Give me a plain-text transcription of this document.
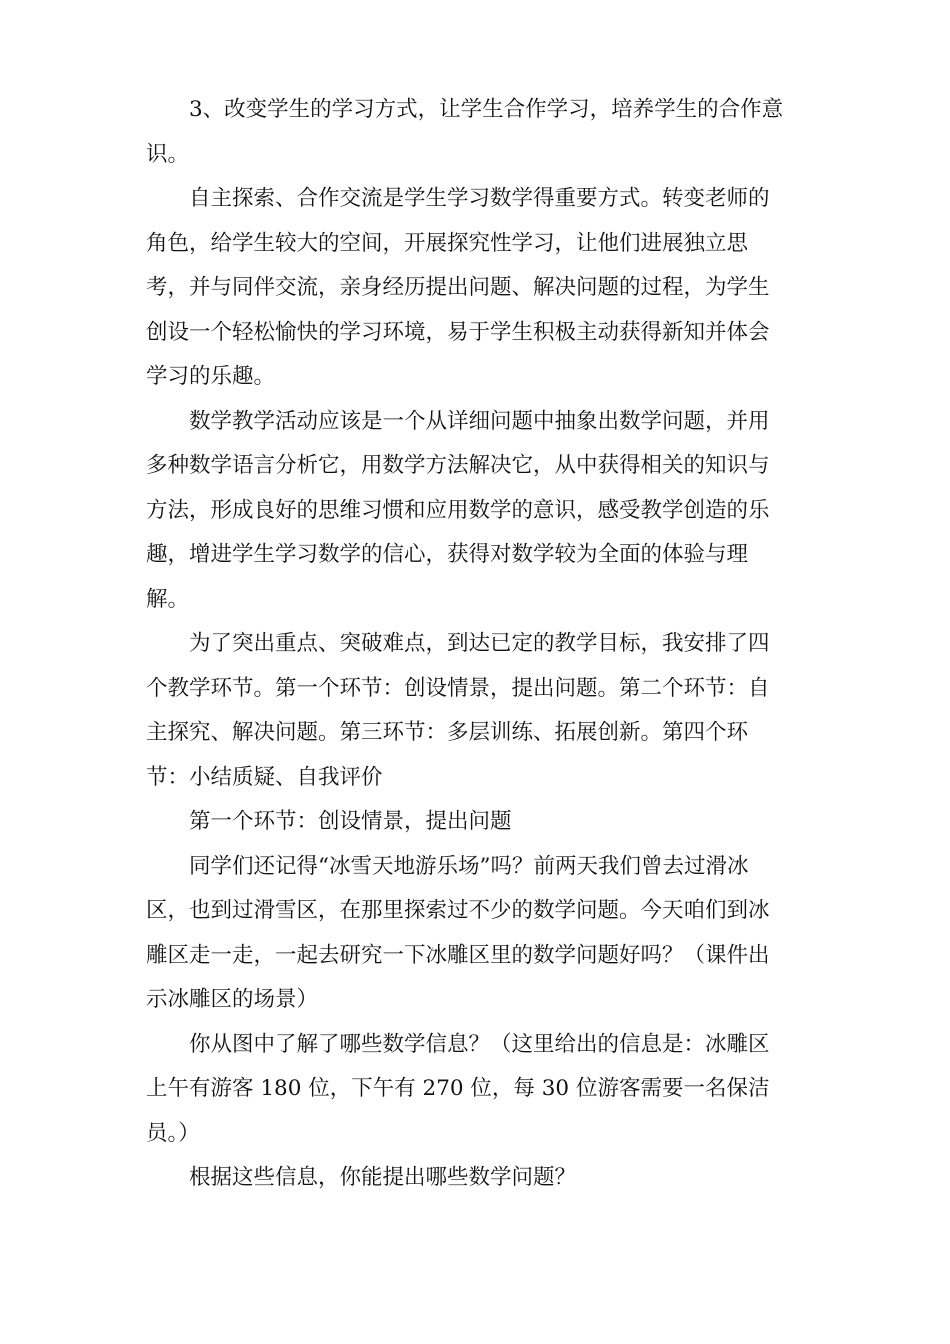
3、改变学生的学习方式，让学生合作学习，培养学生的合作意
识。
自主探索、合作交流是学生学习数学得重要方式。转变老师的
角色，给学生较大的空间，开展探究性学习，让他们进展独立思
考，并与同伴交流，亲身经历提出问题、解决问题的过程，为学生
创设一个轻松愉快的学习环境，易于学生积极主动获得新知并体会
学习的乐趣。
数学教学活动应该是一个从详细问题中抽象出数学问题，并用
多种数学语言分析它，用数学方法解决它，从中获得相关的知识与
方法，形成良好的思维习惯和应用数学的意识，感受教学创造的乐
趣，增进学生学习数学的信心，获得对数学较为全面的体验与理
解。
为了突出重点、突破难点，到达已定的教学目标，我安排了四
个教学环节。第一个环节：创设情景，提出问题。第二个环节：自
主探究、解决问题。第三环节：多层训练、拓展创新。第四个环
节：小结质疑、自我评价
第一个环节：创设情景，提出问题
同学们还记得“冰雪天地游乐场”吗？前两天我们曾去过滑冰
区，也到过滑雪区，在那里探索过不少的数学问题。今天咱们到冰
雕区走一走，一起去研究一下冰雕区里的数学问题好吗？（课件出
示冰雕区的场景）
你从图中了解了哪些数学信息？（这里给出的信息是：冰雕区
上午有游客 180 位，下午有 270 位，每 30 位游客需要一名保洁
员。）
根据这些信息，你能提出哪些数学问题？
